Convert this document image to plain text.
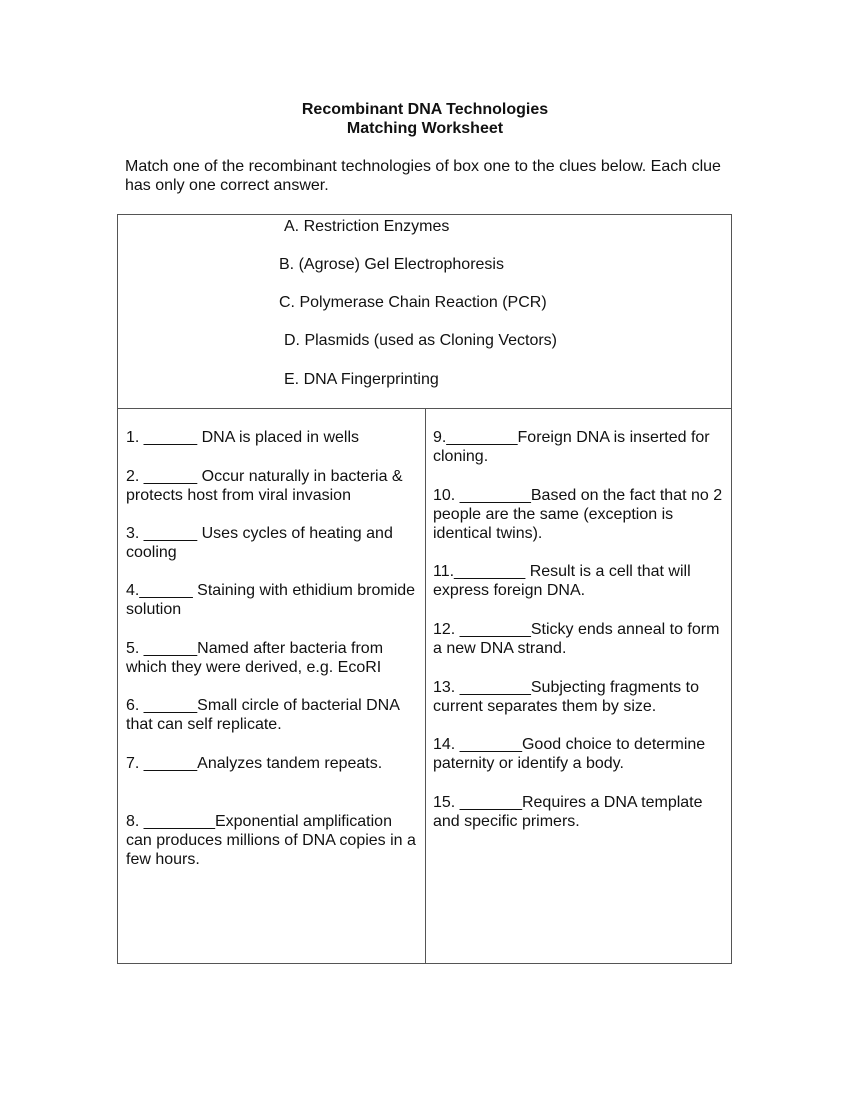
Recombinant DNA Technologies
Matching Worksheet
Match one of the recombinant technologies of box one to the clues below. Each clue has only one correct answer.
A. Restriction Enzymes
B. (Agrose) Gel Electrophoresis
C. Polymerase Chain Reaction (PCR)
D. Plasmids (used as Cloning Vectors)
E. DNA Fingerprinting
1. ______ DNA is placed in wells
2. ______ Occur naturally in bacteria & protects host from viral invasion
3. ______ Uses cycles of heating and cooling
4.______ Staining with ethidium bromide solution
5. ______Named after bacteria from which they were derived, e.g. EcoRI
6. ______Small circle of bacterial DNA that can self replicate.
7. ______Analyzes tandem repeats.
8. ________Exponential amplification can produces millions of DNA copies in a few hours.
9.________Foreign DNA is inserted for cloning.
10. ________Based on the fact that no 2 people are the same (exception is identical twins).
11.________ Result is a cell that will express foreign DNA.
12. ________Sticky ends anneal to form a new DNA strand.
13. ________Subjecting fragments to current separates them by size.
14. _______Good choice to determine paternity or identify a body.
15. _______Requires a DNA template and specific primers.
